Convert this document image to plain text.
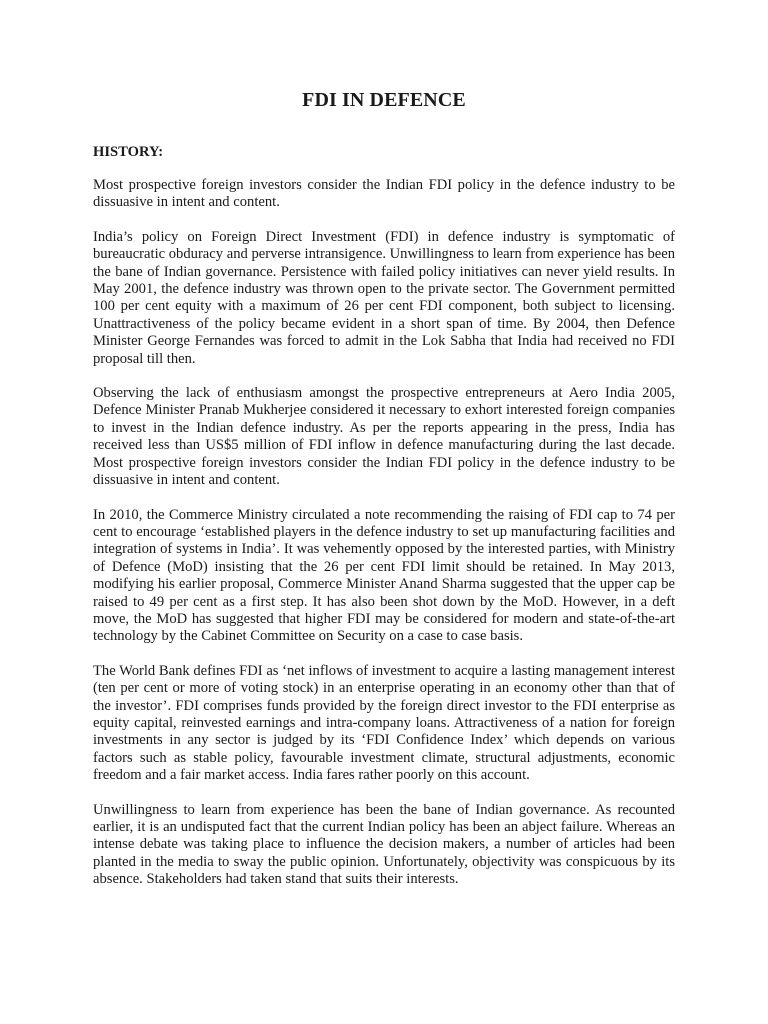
FDI IN DEFENCE
HISTORY:

Most prospective foreign investors consider the Indian FDI policy in the defence industry to be dissuasive in intent and content.

India’s policy on Foreign Direct Investment (FDI) in defence industry is symptomatic of bureaucratic obduracy and perverse intransigence. Unwillingness to learn from experience has been the bane of Indian governance. Persistence with failed policy initiatives can never yield results. In May 2001, the defence industry was thrown open to the private sector. The Government permitted 100 per cent equity with a maximum of 26 per cent FDI component, both subject to licensing. Unattractiveness of the policy became evident in a short span of time. By 2004, then Defence Minister George Fernandes was forced to admit in the Lok Sabha that India had received no FDI proposal till then.

Observing the lack of enthusiasm amongst the prospective entrepreneurs at Aero India 2005, Defence Minister Pranab Mukherjee considered it necessary to exhort interested foreign companies to invest in the Indian defence industry. As per the reports appearing in the press, India has received less than US$5 million of FDI inflow in defence manufacturing during the last decade. Most prospective foreign investors consider the Indian FDI policy in the defence industry to be dissuasive in intent and content.

In 2010, the Commerce Ministry circulated a note recommending the raising of FDI cap to 74 per cent to encourage ‘established players in the defence industry to set up manufacturing facilities and integration of systems in India’. It was vehemently opposed by the interested parties, with Ministry of Defence (MoD) insisting that the 26 per cent FDI limit should be retained. In May 2013, modifying his earlier proposal, Commerce Minister Anand Sharma suggested that the upper cap be raised to 49 per cent as a first step. It has also been shot down by the MoD. However, in a deft move, the MoD has suggested that higher FDI may be considered for modern and state-of-the-art technology by the Cabinet Committee on Security on a case to case basis.

The World Bank defines FDI as ‘net inflows of investment to acquire a lasting management interest (ten per cent or more of voting stock) in an enterprise operating in an economy other than that of the investor’. FDI comprises funds provided by the foreign direct investor to the FDI enterprise as equity capital, reinvested earnings and intra-company loans. Attractiveness of a nation for foreign investments in any sector is judged by its ‘FDI Confidence Index’ which depends on various factors such as stable policy, favourable investment climate, structural adjustments, economic freedom and a fair market access. India fares rather poorly on this account.

Unwillingness to learn from experience has been the bane of Indian governance. As recounted earlier, it is an undisputed fact that the current Indian policy has been an abject failure. Whereas an intense debate was taking place to influence the decision makers, a number of articles had been planted in the media to sway the public opinion. Unfortunately, objectivity was conspicuous by its absence. Stakeholders had taken stand that suits their interests.
